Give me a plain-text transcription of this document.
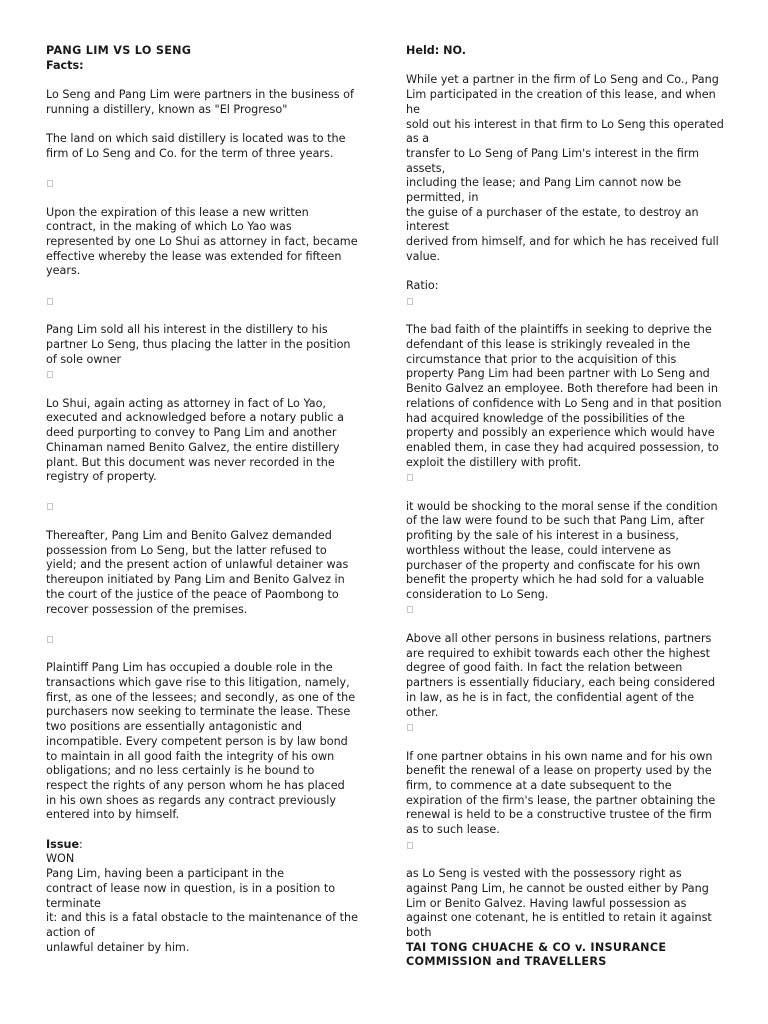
PANG LIM VS LO SENG

Facts:

Lo Seng and Pang Lim were partners in the business of running a distillery, known as "El Progreso"

The land on which said distillery is located was to the firm of Lo Seng and Co. for the term of three years.

Upon the expiration of this lease a new written contract, in the making of which Lo Yao was represented by one Lo Shui as attorney in fact, became effective whereby the lease was extended for fifteen years.

Pang Lim sold all his interest in the distillery to his partner Lo Seng, thus placing the latter in the position of sole owner

Lo Shui, again acting as attorney in fact of Lo Yao, executed and acknowledged before a notary public a deed purporting to convey to Pang Lim and another Chinaman named Benito Galvez, the entire distillery plant. But this document was never recorded in the registry of property.

Thereafter, Pang Lim and Benito Galvez demanded possession from Lo Seng, but the latter refused to yield; and the present action of unlawful detainer was thereupon initiated by Pang Lim and Benito Galvez in the court of the justice of the peace of Paombong to recover possession of the premises.

Plaintiff Pang Lim has occupied a double role in the transactions which gave rise to this litigation, namely, first, as one of the lessees; and secondly, as one of the

purchasers now seeking to terminate the lease. These two positions are essentially antagonistic and incompatible. Every competent person is by law bond to maintain in all good faith the integrity of his own obligations; and no less certainly is he bound to respect the rights of any person whom he has placed in his own shoes as regards any contract previously entered into by himself.

Issue:

WON

Pang Lim, having been a participant in the

contract of lease now in question, is in a position to

terminate

it: and this is a fatal obstacle to the maintenance of the action of

unlawful detainer by him.

Held: NO.

While yet a partner in the firm of Lo Seng and Co., Pang Lim participated in the creation of this lease, and when he

sold out his interest in that firm to Lo Seng this operated as a

transfer to Lo Seng of Pang Lim's interest in the firm assets,

including the lease; and Pang Lim cannot now be permitted, in

the guise of a purchaser of the estate, to destroy an interest

derived from himself, and for which he has received full value.

Ratio:

The bad faith of the plaintiffs in seeking to deprive the defendant of this lease is strikingly revealed in the circumstance that prior to the acquisition of this property Pang Lim had been partner with Lo Seng and Benito Galvez an employee. Both therefore had been in relations of confidence with Lo Seng and in that position had acquired knowledge of the possibilities of the property and possibly an experience which would have enabled them, in case they had acquired possession, to exploit the distillery with profit.

it would be shocking to the moral sense if the condition of the law were found to be such that Pang Lim, after profiting by the sale of his interest in a business, worthless without the lease, could intervene as purchaser of the property and confiscate for his own benefit the property which he had sold for a valuable consideration to Lo Seng.

Above all other persons in business relations, partners are required to exhibit towards each other the highest degree of good faith. In fact the relation between partners is essentially fiduciary, each being considered in law, as he is in fact, the confidential agent of the other.

If one partner obtains in his own name and for his own benefit the renewal of a lease on property used by the firm, to commence at a date subsequent to the expiration of the firm's lease, the partner obtaining the renewal is held to be a constructive trustee of the firm as to such lease.

as Lo Seng is vested with the possessory right as against Pang Lim, he cannot be ousted either by Pang Lim or Benito Galvez. Having lawful possession as against one cotenant, he is entitled to retain it against both

TAI TONG CHUACHE & CO v. INSURANCE COMMISSION and TRAVELLERS
